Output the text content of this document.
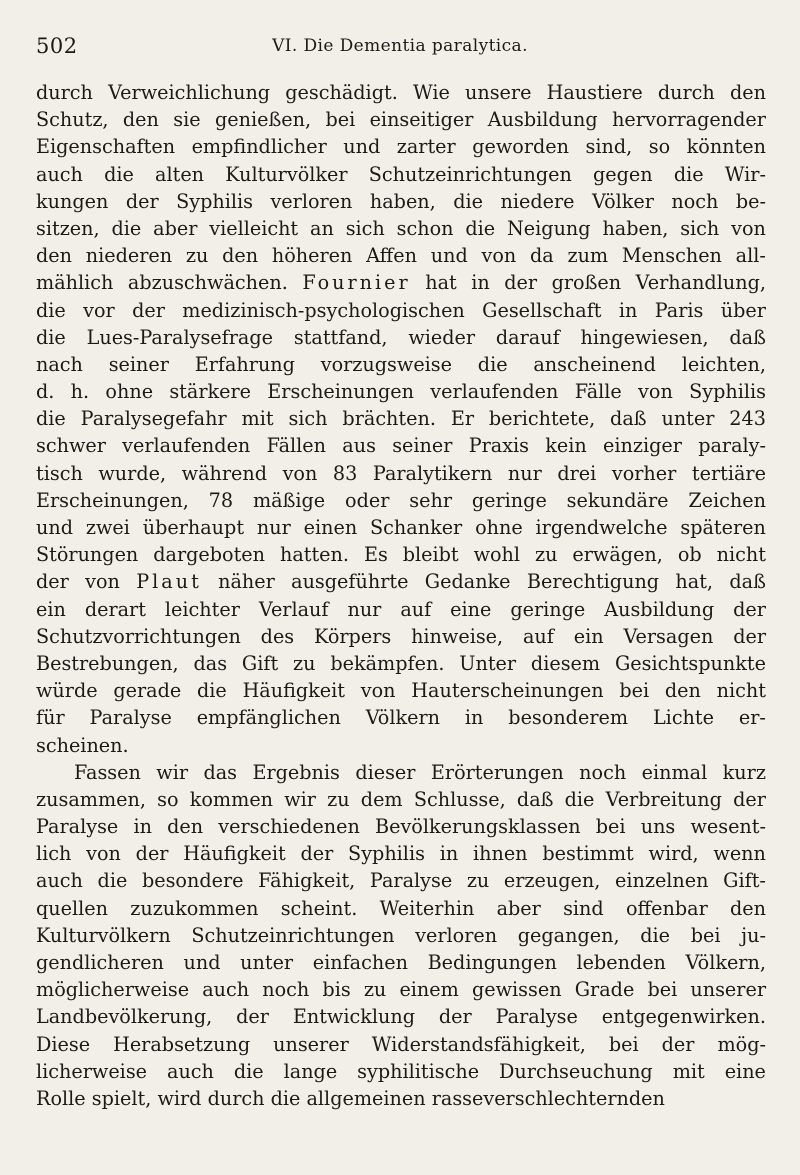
502	VI. Die Dementia paralytica.
durch Verweichlichung geschädigt. Wie unsere Haustiere durch den
Schutz, den sie genießen, bei einseitiger Ausbildung hervorragender
Eigenschaften empfindlicher und zarter geworden sind, so könnten
auch die alten Kulturvölker Schutzeinrichtungen gegen die Wir-
kungen der Syphilis verloren haben, die niedere Völker noch be-
sitzen, die aber vielleicht an sich schon die Neigung haben, sich von
den niederen zu den höheren Affen und von da zum Menschen all-
mählich abzuschwächen. Fournier hat in der großen Verhandlung,
die vor der medizinisch-psychologischen Gesellschaft in Paris über
die Lues-Paralysefrage stattfand, wieder darauf hingewiesen, daß
nach seiner Erfahrung vorzugsweise die anscheinend leichten,
d. h. ohne stärkere Erscheinungen verlaufenden Fälle von Syphilis
die Paralysegefahr mit sich brächten. Er berichtete, daß unter 243
schwer verlaufenden Fällen aus seiner Praxis kein einziger paraly-
tisch wurde, während von 83 Paralytikern nur drei vorher tertiäre
Erscheinungen, 78 mäßige oder sehr geringe sekundäre Zeichen
und zwei überhaupt nur einen Schanker ohne irgendwelche späteren
Störungen dargeboten hatten. Es bleibt wohl zu erwägen, ob nicht
der von Plaut näher ausgeführte Gedanke Berechtigung hat, daß
ein derart leichter Verlauf nur auf eine geringe Ausbildung der
Schutzvorrichtungen des Körpers hinweise, auf ein Versagen der
Bestrebungen, das Gift zu bekämpfen. Unter diesem Gesichtspunkte
würde gerade die Häufigkeit von Hauterscheinungen bei den nicht
für Paralyse empfänglichen Völkern in besonderem Lichte er-
scheinen.
Fassen wir das Ergebnis dieser Erörterungen noch einmal kurz
zusammen, so kommen wir zu dem Schlusse, daß die Verbreitung der
Paralyse in den verschiedenen Bevölkerungsklassen bei uns wesent-
lich von der Häufigkeit der Syphilis in ihnen bestimmt wird, wenn
auch die besondere Fähigkeit, Paralyse zu erzeugen, einzelnen Gift-
quellen zuzukommen scheint. Weiterhin aber sind offenbar den
Kulturvölkern Schutzeinrichtungen verloren gegangen, die bei ju-
gendlicheren und unter einfachen Bedingungen lebenden Völkern,
möglicherweise auch noch bis zu einem gewissen Grade bei unserer
Landbevölkerung, der Entwicklung der Paralyse entgegenwirken.
Diese Herabsetzung unserer Widerstandsfähigkeit, bei der mög-
licherweise auch die lange syphilitische Durchseuchung mit eine
Rolle
spielt,
wird
durch
die
allgemeinen
rasseverschlechternden
